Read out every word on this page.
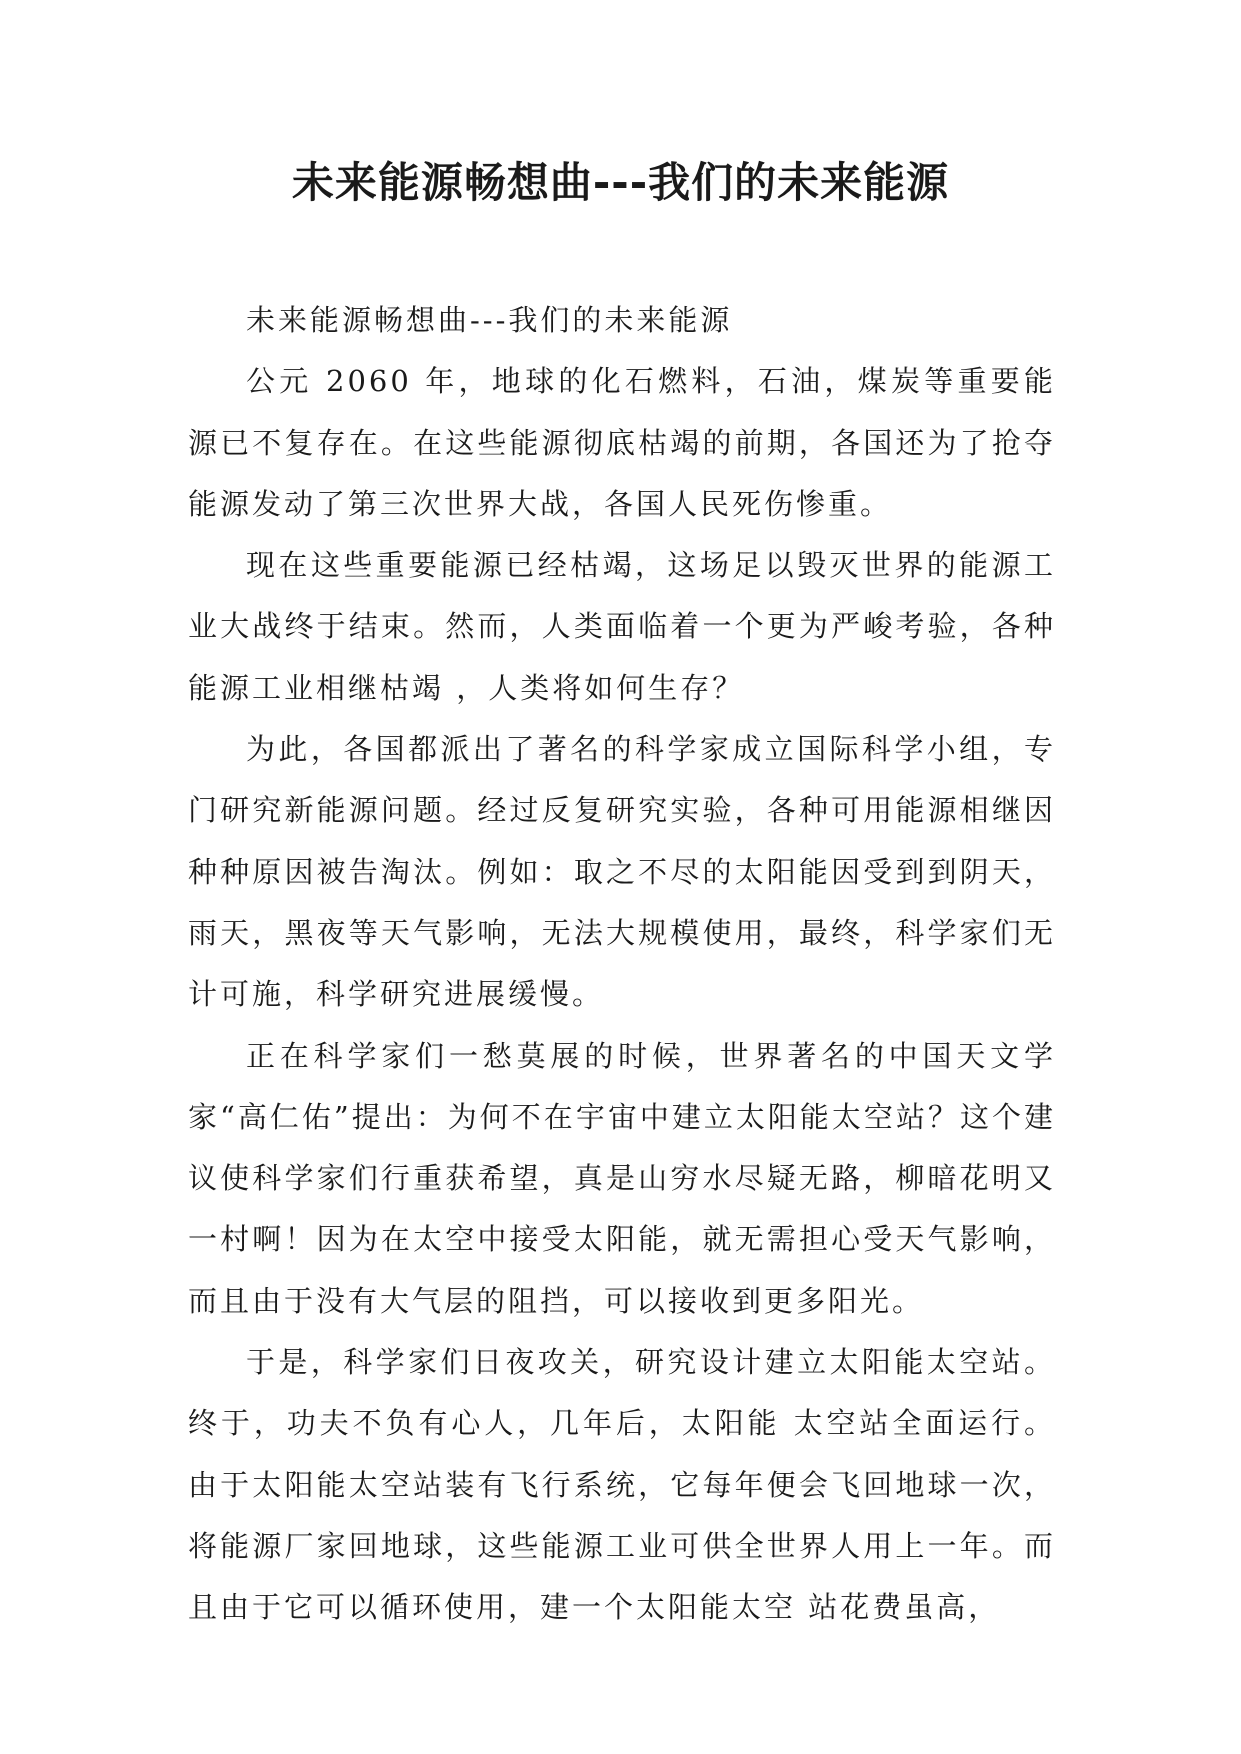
未来能源畅想曲---我们的未来能源

未来能源畅想曲---我们的未来能源

公元 2060 年，地球的化石燃料，石油，煤炭等重要能源已不复存在。在这些能源彻底枯竭的前期，各国还为了抢夺能源发动了第三次世界大战，各国人民死伤惨重。

现在这些重要能源已经枯竭，这场足以毁灭世界的能源工业大战终于结束。然而，人类面临着一个更为严峻考验，各种能源工业相继枯竭 ，人类将如何生存？

为此，各国都派出了著名的科学家成立国际科学小组，专门研究新能源问题。经过反复研究实验，各种可用能源相继因种种原因被告淘汰。例如：取之不尽的太阳能因受到到阴天，雨天，黑夜等天气影响，无法大规模使用，最终，科学家们无计可施，科学研究进展缓慢。

正在科学家们一愁莫展的时候，世界著名的中国天文学家“高仁佑”提出：为何不在宇宙中建立太阳能太空站？这个建议使科学家们行重获希望，真是山穷水尽疑无路，柳暗花明又一村啊！因为在太空中接受太阳能，就无需担心受天气影响，而且由于没有大气层的阻挡，可以接收到更多阳光。

于是，科学家们日夜攻关，研究设计建立太阳能太空站。终于，功夫不负有心人，几年后，太阳能 太空站全面运行。由于太阳能太空站装有飞行系统，它每年便会飞回地球一次，将能源厂家回地球，这些能源工业可供全世界人用上一年。而且由于它可以循环使用，建一个太阳能太空 站花费虽高，
